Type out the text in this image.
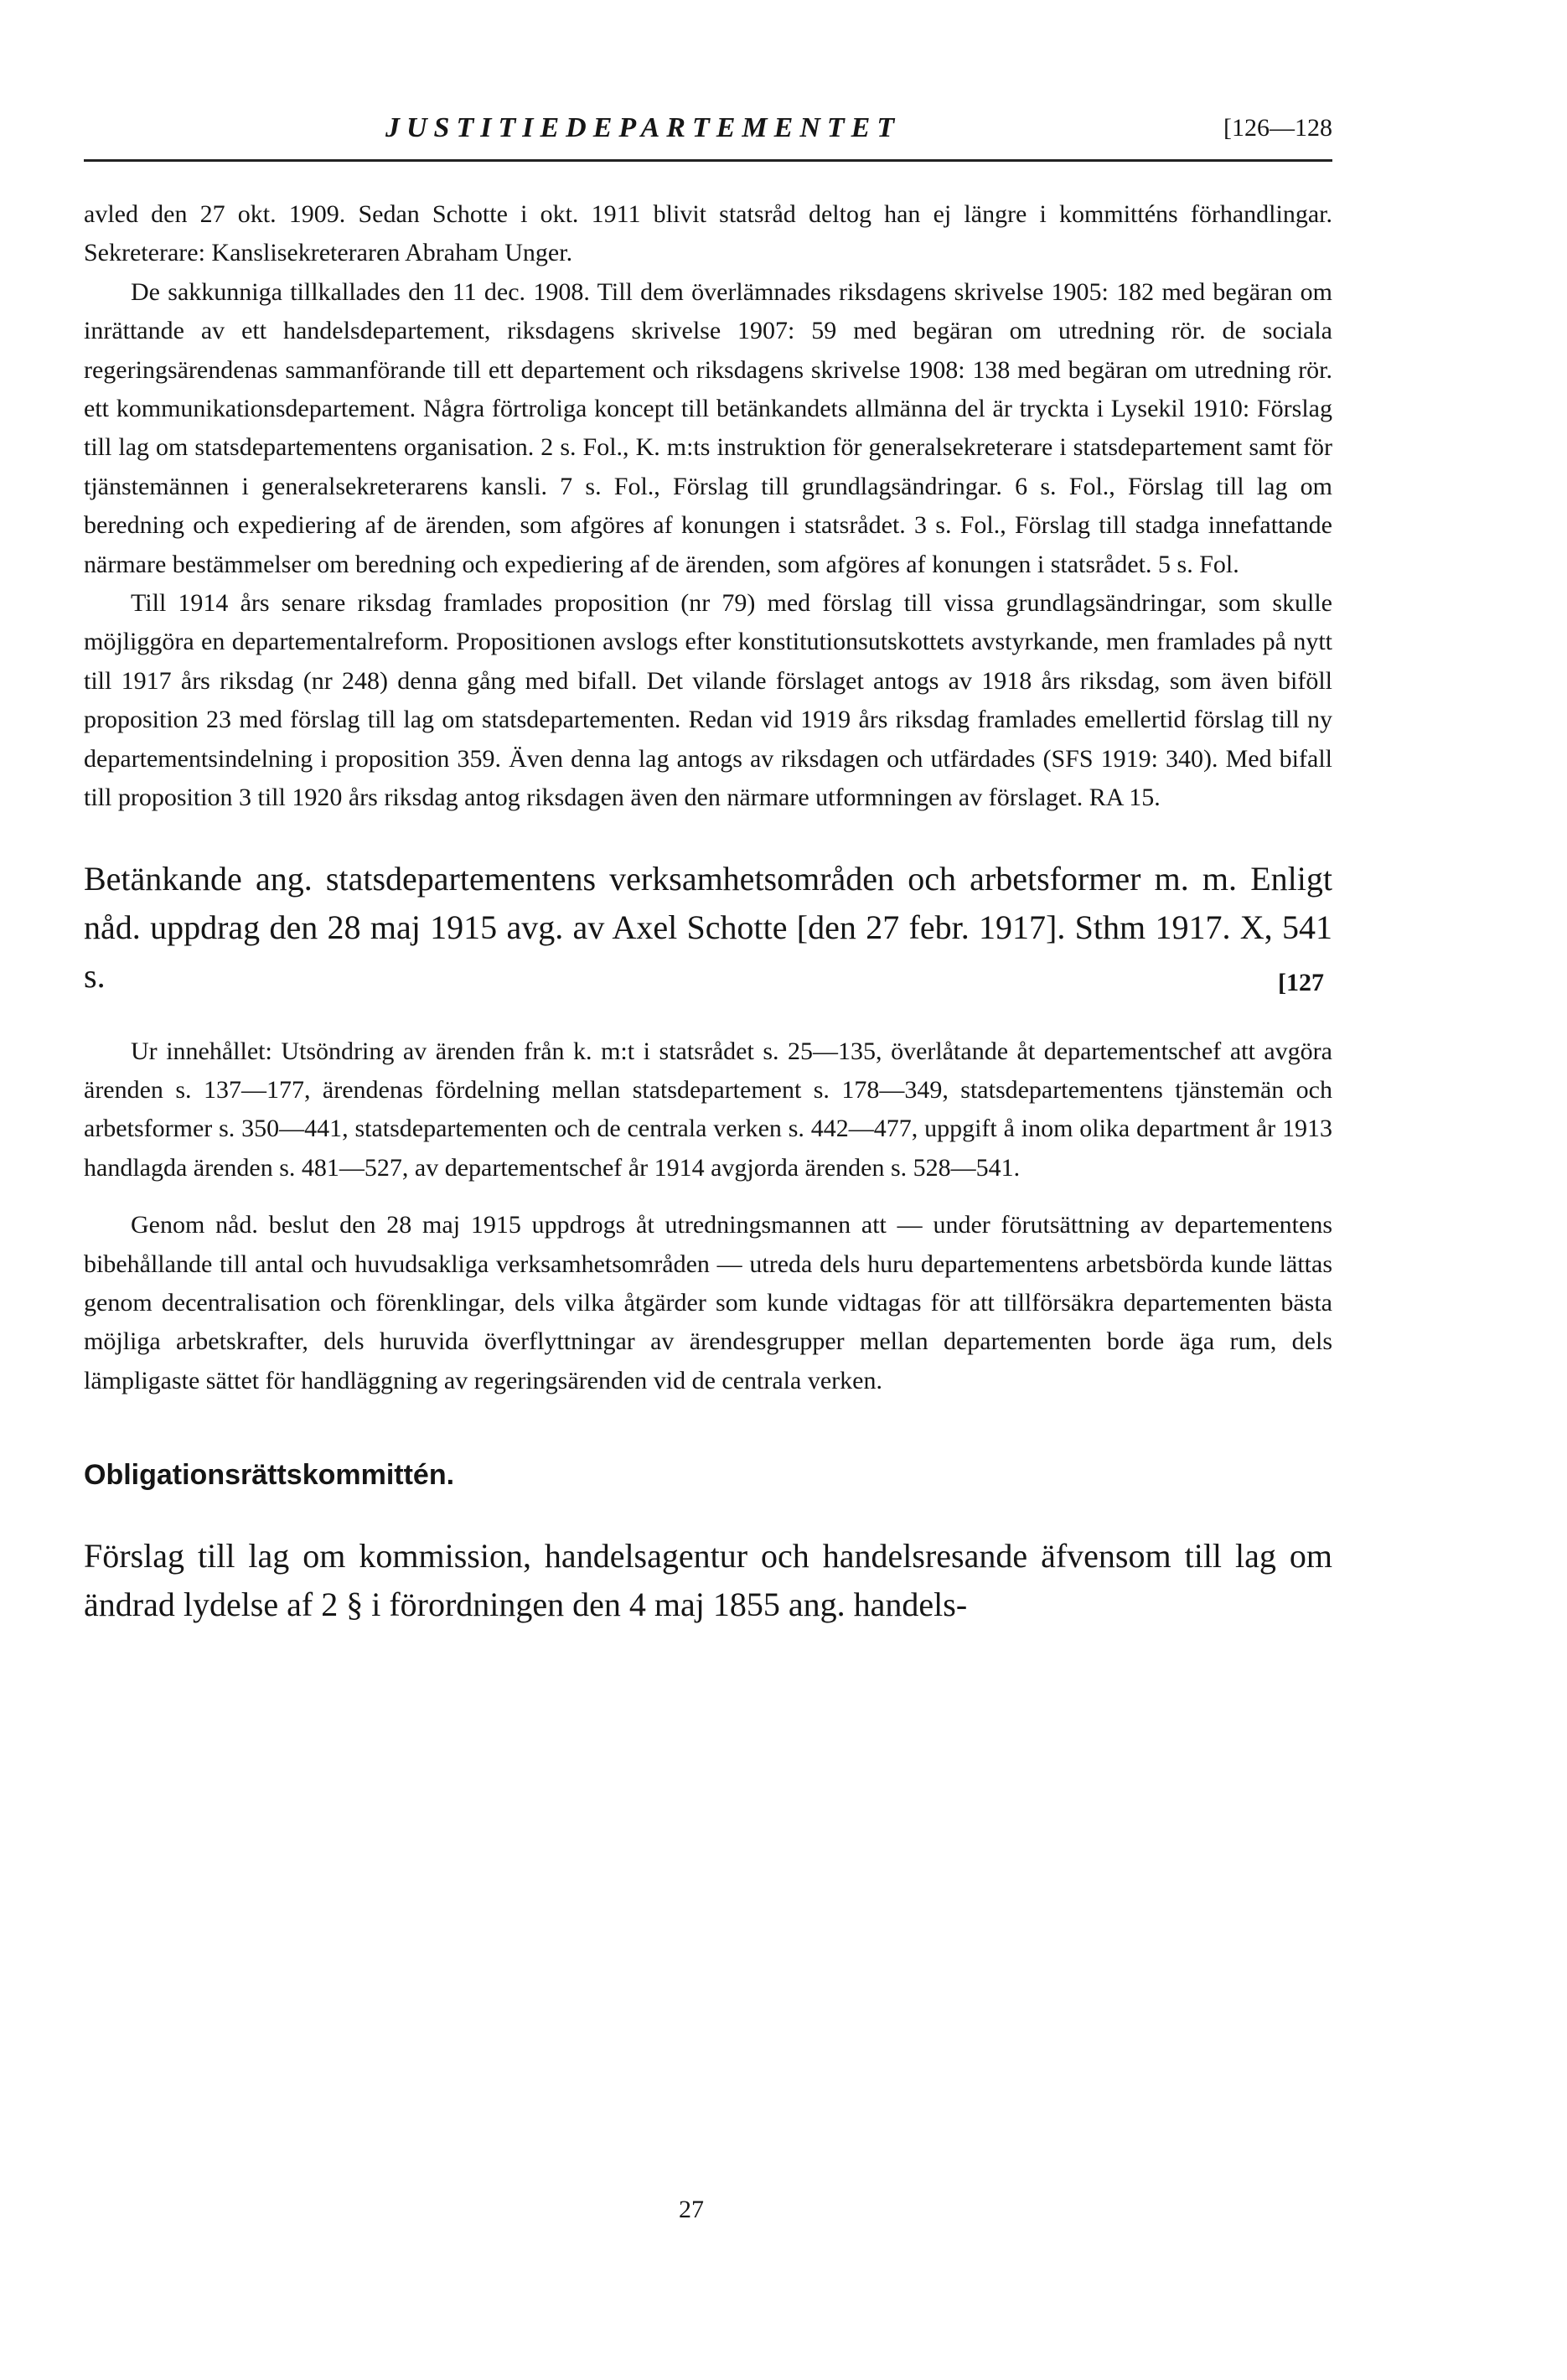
JUSTITIEDEPARTEMENTET	[126—128

avled den 27 okt. 1909. Sedan Schotte i okt. 1911 blivit statsråd deltog han ej längre i kommitténs förhandlingar. Sekreterare: Kanslisekreteraren Abraham Unger.

De sakkunniga tillkallades den 11 dec. 1908. Till dem överlämnades riksdagens skrivelse 1905: 182 med begäran om inrättande av ett handelsdepartement, riksdagens skrivelse 1907: 59 med begäran om utredning rör. de sociala regeringsärendenas sammanförande till ett departement och riksdagens skrivelse 1908: 138 med begäran om utredning rör. ett kommunikationsdepartement. Några förtroliga koncept till betänkandets allmänna del är tryckta i Lysekil 1910: Förslag till lag om statsdepartementens organisation. 2 s. Fol., K. m:ts instruktion för generalsekreterare i statsdepartement samt för tjänstemännen i generalsekreterarens kansli. 7 s. Fol., Förslag till grundlagsändringar. 6 s. Fol., Förslag till lag om beredning och expediering af de ärenden, som afgöres af konungen i statsrådet. 3 s. Fol., Förslag till stadga innefattande närmare bestämmelser om beredning och expediering af de ärenden, som afgöres af konungen i statsrådet. 5 s. Fol.

Till 1914 års senare riksdag framlades proposition (nr 79) med förslag till vissa grundlagsändringar, som skulle möjliggöra en departementalreform. Propositionen avslogs efter konstitutionsutskottets avstyrkande, men framlades på nytt till 1917 års riksdag (nr 248) denna gång med bifall. Det vilande förslaget antogs av 1918 års riksdag, som även biföll proposition 23 med förslag till lag om statsdepartementen. Redan vid 1919 års riksdag framlades emellertid förslag till ny departementsindelning i proposition 359. Även denna lag antogs av riksdagen och utfärdades (SFS 1919: 340). Med bifall till proposition 3 till 1920 års riksdag antog riksdagen även den närmare utformningen av förslaget. RA 15.

Betänkande ang. statsdepartementens verksamhetsområden och arbetsformer m. m. Enligt nåd. uppdrag den 28 maj 1915 avg. av Axel Schotte [den 27 febr. 1917]. Sthm 1917. X, 541 s.	[127

Ur innehållet: Utsöndring av ärenden från k. m:t i statsrådet s. 25—135, överlåtande åt departementschef att avgöra ärenden s. 137—177, ärendenas fördelning mellan statsdepartement s. 178—349, statsdepartementens tjänstemän och arbetsformer s. 350—441, statsdepartementen och de centrala verken s. 442—477, uppgift å inom olika department år 1913 handlagda ärenden s. 481—527, av departementschef år 1914 avgjorda ärenden s. 528—541.

Genom nåd. beslut den 28 maj 1915 uppdrogs åt utredningsmannen att — under förutsättning av departementens bibehållande till antal och huvudsakliga verksamhetsområden — utreda dels huru departementens arbetsbörda kunde lättas genom decentralisation och förenklingar, dels vilka åtgärder som kunde vidtagas för att tillförsäkra departementen bästa möjliga arbetskrafter, dels huruvida överflyttningar av ärendesgrupper mellan departementen borde äga rum, dels lämpligaste sättet för handläggning av regeringsärenden vid de centrala verken.

Obligationsrättskommittén.

Förslag till lag om kommission, handelsagentur och handelsresande äfvensom till lag om ändrad lydelse af 2 § i förordningen den 4 maj 1855 ang. handels-

27
